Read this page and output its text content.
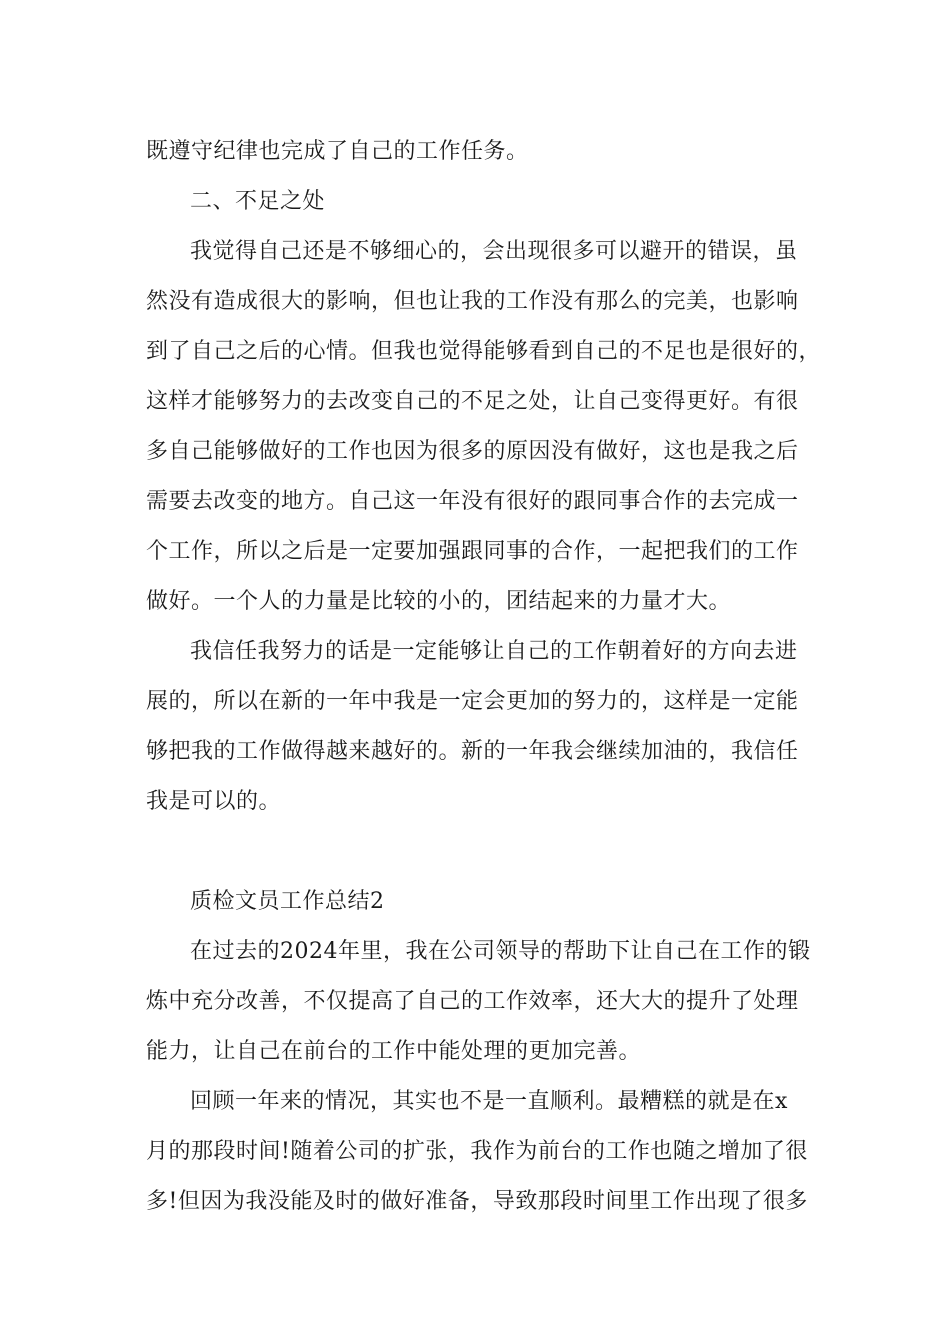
既遵守纪律也完成了自己的工作任务。
二、不足之处
我觉得自己还是不够细心的，会出现很多可以避开的错误，虽
然没有造成很大的影响，但也让我的工作没有那么的完美，也影响
到了自己之后的心情。但我也觉得能够看到自己的不足也是很好的，
这样才能够努力的去改变自己的不足之处，让自己变得更好。有很
多自己能够做好的工作也因为很多的原因没有做好，这也是我之后
需要去改变的地方。自己这一年没有很好的跟同事合作的去完成一
个工作，所以之后是一定要加强跟同事的合作，一起把我们的工作
做好。一个人的力量是比较的小的，团结起来的力量才大。
我信任我努力的话是一定能够让自己的工作朝着好的方向去进
展的，所以在新的一年中我是一定会更加的努力的，这样是一定能
够把我的工作做得越来越好的。新的一年我会继续加油的，我信任
我是可以的。
质检文员工作总结2
在过去的2024年里，我在公司领导的帮助下让自己在工作的锻
炼中充分改善，不仅提高了自己的工作效率，还大大的提升了处理
能力，让自己在前台的工作中能处理的更加完善。
回顾一年来的情况，其实也不是一直顺利。最糟糕的就是在x
月的那段时间!随着公司的扩张，我作为前台的工作也随之增加了很
多!但因为我没能及时的做好准备，导致那段时间里工作出现了很多
